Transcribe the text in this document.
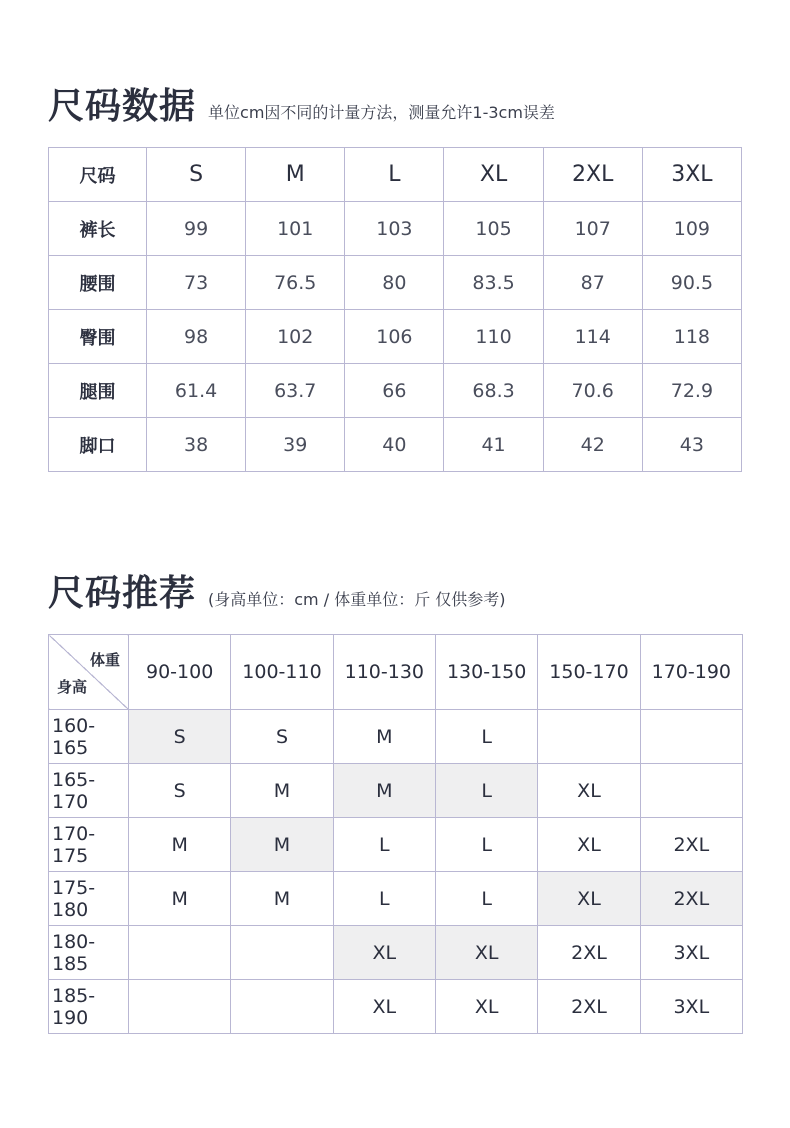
尺码数据 单位cm因不同的计量方法，测量允许1-3cm误差
尺码	S	M	L	XL	2XL	3XL
裤长	99	101	103	105	107	109
腰围	73	76.5	80	83.5	87	90.5
臀围	98	102	106	110	114	118
腿围	61.4	63.7	66	68.3	70.6	72.9
脚口	38	39	40	41	42	43
尺码推荐 (身高单位：cm / 体重单位：斤 仅供参考)
体重
身高	90-100	100-110	110-130	130-150	150-170	170-190
160-165	S	S	M	L		
165-170	S	M	M	L	XL	
170-175	M	M	L	L	XL	2XL
175-180	M	M	L	L	XL	2XL
180-185			XL	XL	2XL	3XL
185-190			XL	XL	2XL	3XL
